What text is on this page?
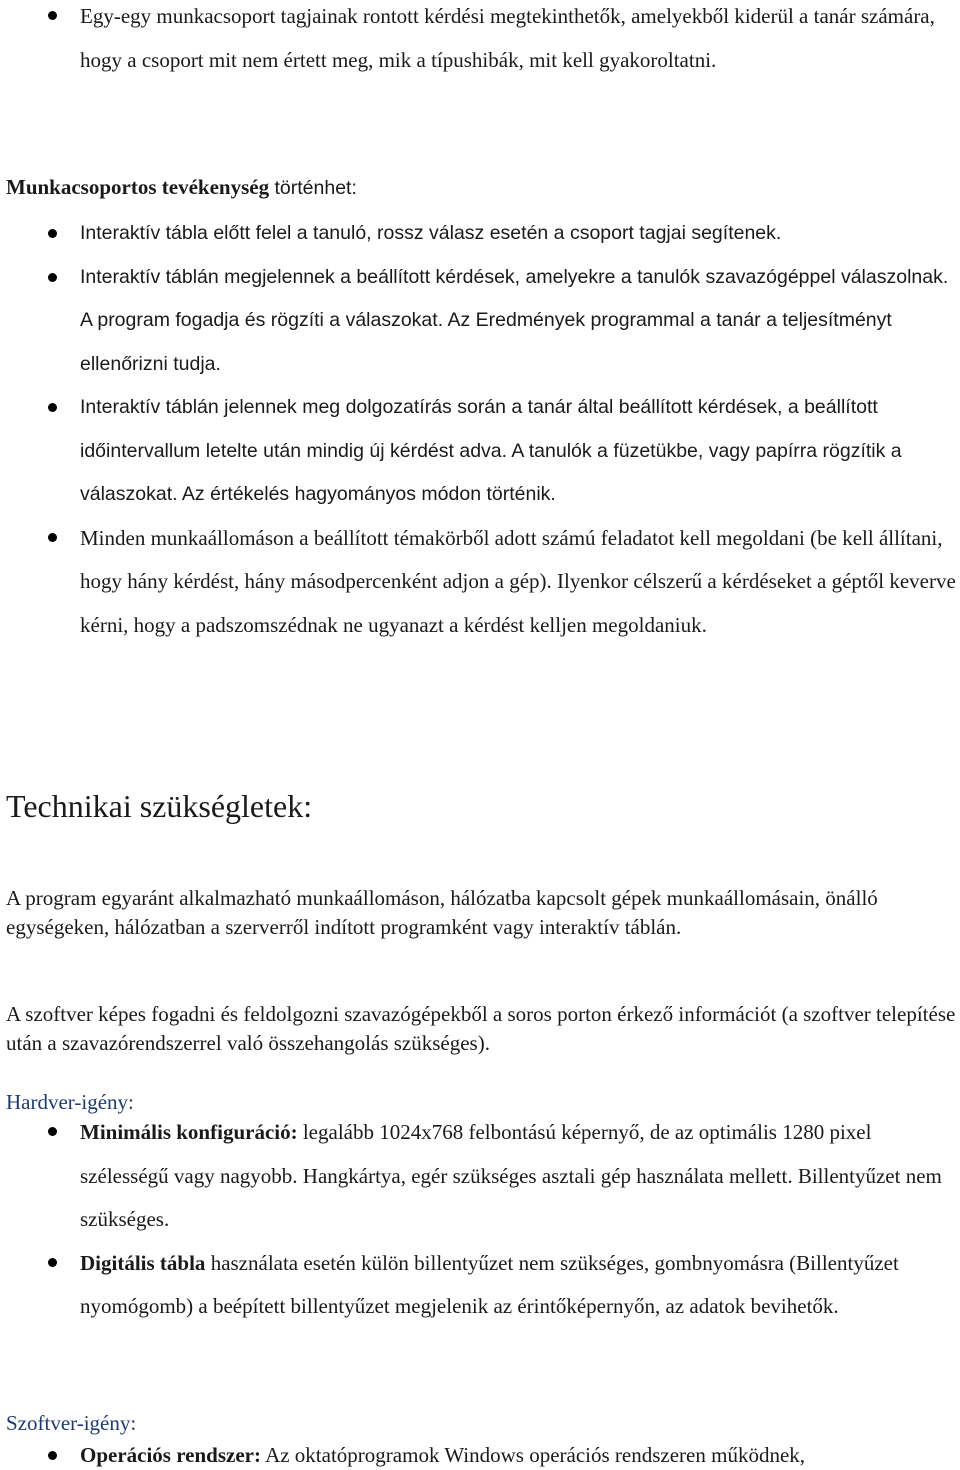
Egy-egy munkacsoport tagjainak rontott kérdési megtekinthetők, amelyekből kiderül a tanár számára, hogy a csoport mit nem értett meg, mik a típushibák, mit kell gyakoroltatni.

Munkacsoportos tevékenység történhet:

Interaktív tábla előtt felel a tanuló, rossz válasz esetén a csoport tagjai segítenek.
Interaktív táblán megjelennek a beállított kérdések, amelyekre a tanulók szavazógéppel válaszolnak. A program fogadja és rögzíti a válaszokat. Az Eredmények programmal a tanár a teljesítményt ellenőrizni tudja.
Interaktív táblán jelennek meg dolgozatírás során a tanár által beállított kérdések, a beállított időintervallum letelte után mindig új kérdést adva. A tanulók a füzetükbe, vagy papírra rögzítik a válaszokat. Az értékelés hagyományos módon történik.
Minden munkaállomáson a beállított témakörből adott számú feladatot kell megoldani (be kell állítani, hogy hány kérdést, hány másodpercenként adjon a gép). Ilyenkor célszerű a kérdéseket a géptől keverve kérni, hogy a padszomszédnak ne ugyanazt a kérdést kelljen megoldaniuk.
Technikai szükségletek:

A program egyaránt alkalmazható munkaállomáson, hálózatba kapcsolt gépek munkaállomásain, önálló egységeken, hálózatban a szerverről indított programként vagy interaktív táblán.

A szoftver képes fogadni és feldolgozni szavazógépekből a soros porton érkező információt (a szoftver telepítése után a szavazórendszerrel való összehangolás szükséges).

Hardver-igény:

Minimális konfiguráció: legalább 1024x768 felbontású képernyő, de az optimális 1280 pixel szélességű vagy nagyobb. Hangkártya, egér szükséges asztali gép használata mellett. Billentyűzet nem szükséges.
Digitális tábla használata esetén külön billentyűzet nem szükséges, gombnyomásra (Billentyűzet nyomógomb) a beépített billentyűzet megjelenik az érintőképernyőn, az adatok bevihetők.

Szoftver-igény:

Operációs rendszer: Az oktatóprogramok Windows operációs rendszeren működnek,
